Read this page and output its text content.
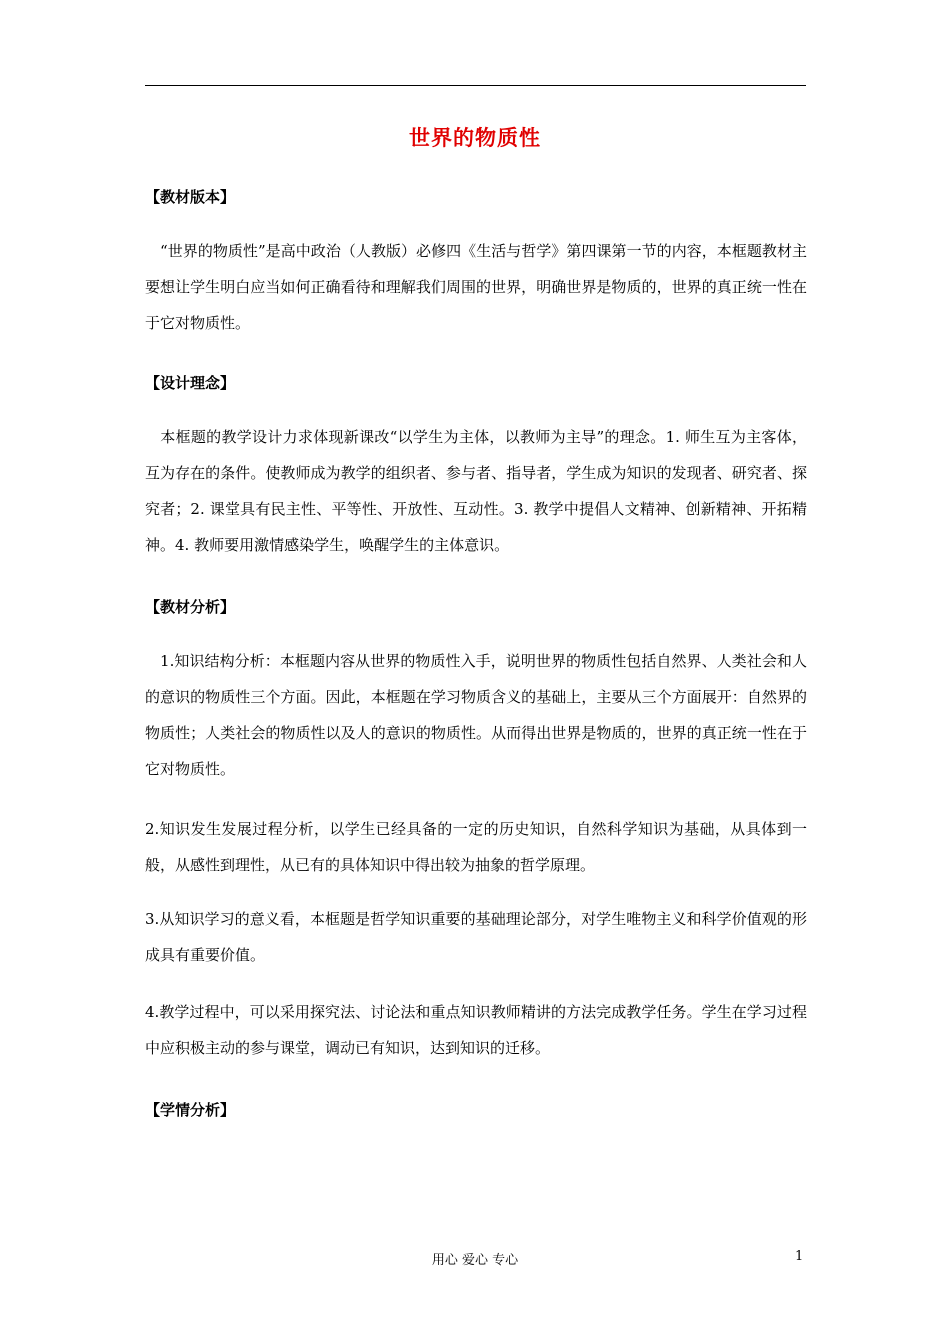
世界的物质性
【教材版本】

　“世界的物质性”是高中政治（人教版）必修四《生活与哲学》第四课第一节的内容，本框题教材主要想让学生明白应当如何正确看待和理解我们周围的世界，明确世界是物质的，世界的真正统一性在于它对物质性。

【设计理念】

　本框题的教学设计力求体现新课改“以学生为主体，以教师为主导”的理念。1. 师生互为主客体，互为存在的条件。使教师成为教学的组织者、参与者、指导者，学生成为知识的发现者、研究者、探究者；2. 课堂具有民主性、平等性、开放性、互动性。3. 教学中提倡人文精神、创新精神、开拓精神。4. 教师要用激情感染学生，唤醒学生的主体意识。

【教材分析】

　1.知识结构分析：本框题内容从世界的物质性入手，说明世界的物质性包括自然界、人类社会和人的意识的物质性三个方面。因此，本框题在学习物质含义的基础上，主要从三个方面展开：自然界的物质性；人类社会的物质性以及人的意识的物质性。从而得出世界是物质的，世界的真正统一性在于它对物质性。

2.知识发生发展过程分析，以学生已经具备的一定的历史知识，自然科学知识为基础，从具体到一般，从感性到理性，从已有的具体知识中得出较为抽象的哲学原理。

3.从知识学习的意义看，本框题是哲学知识重要的基础理论部分，对学生唯物主义和科学价值观的形成具有重要价值。

4.教学过程中，可以采用探究法、讨论法和重点知识教师精讲的方法完成教学任务。学生在学习过程中应积极主动的参与课堂，调动已有知识，达到知识的迁移。

【学情分析】
用心 爱心 专心	1
